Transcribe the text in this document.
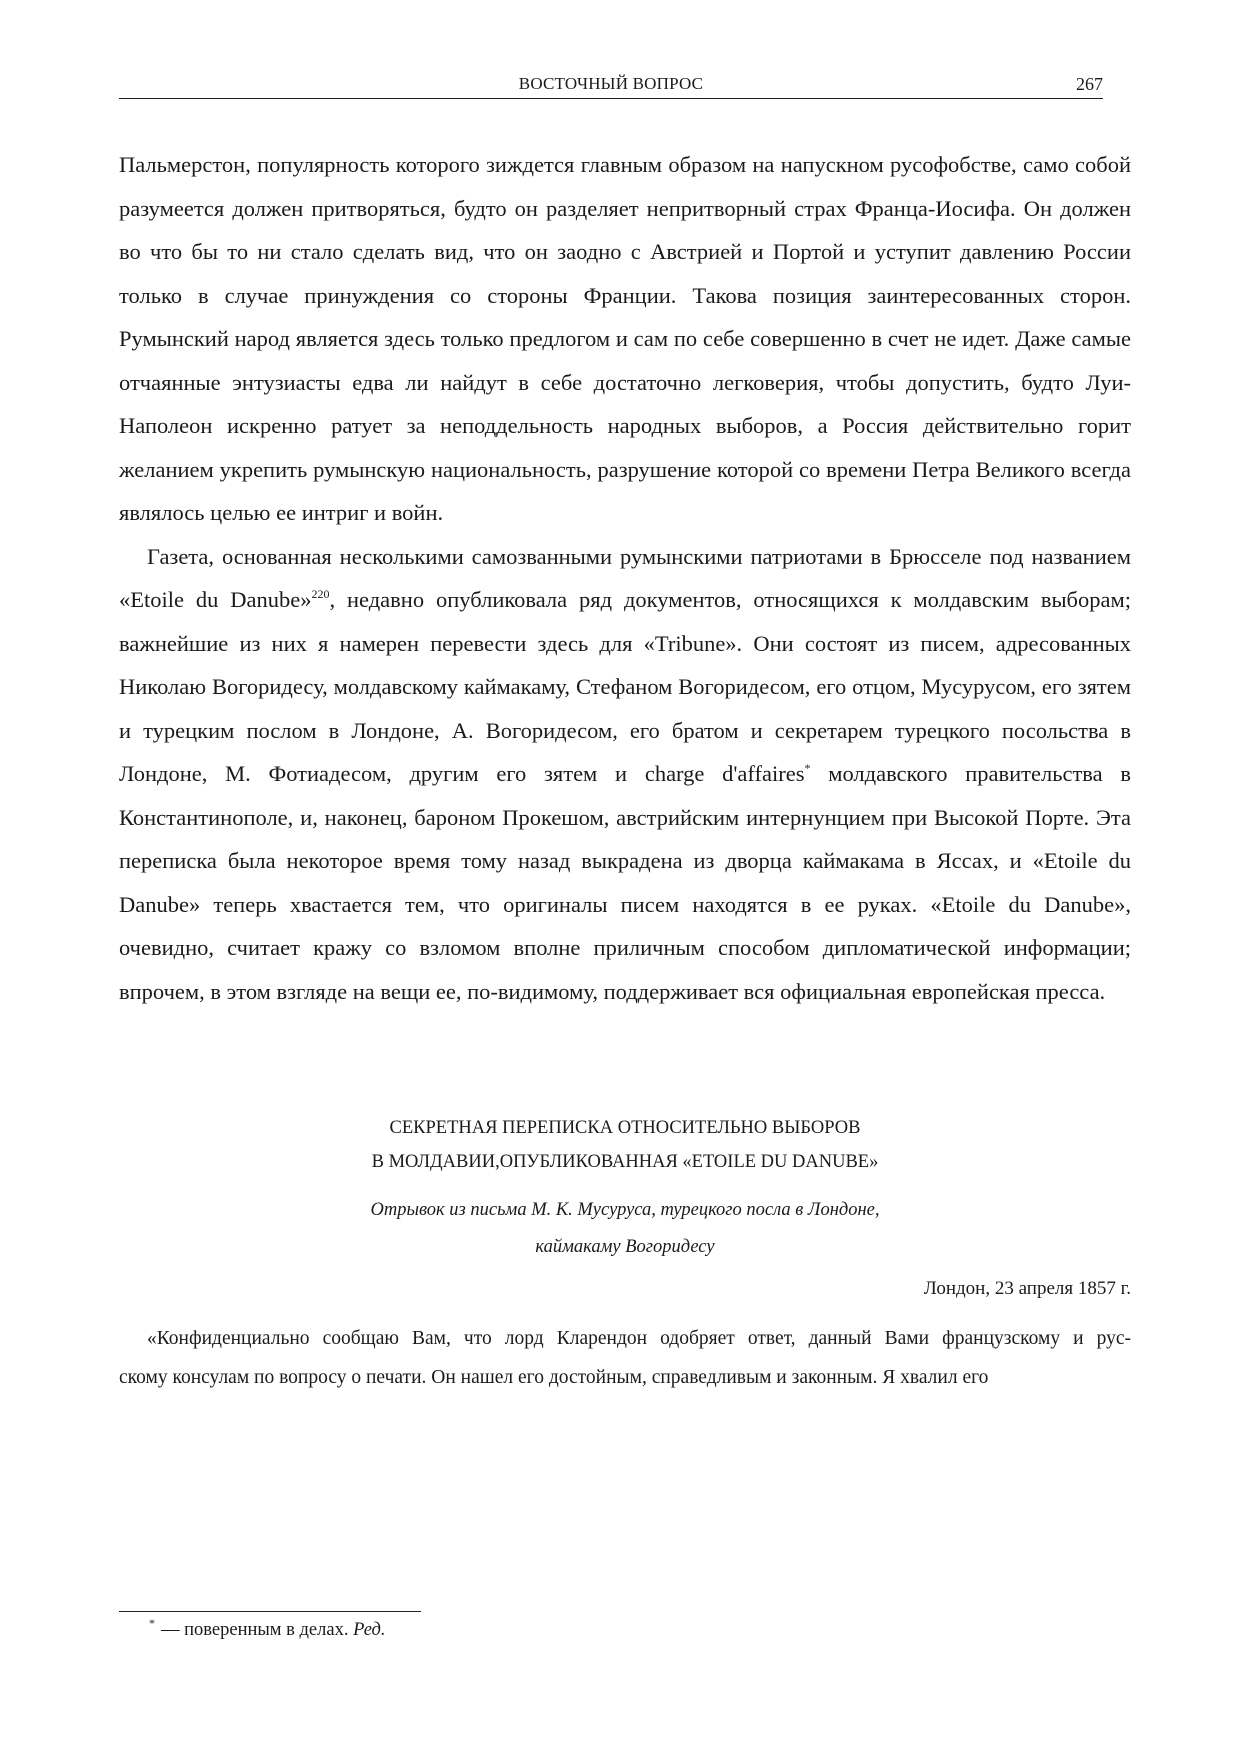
ВОСТОЧНЫЙ ВОПРОС	267

Пальмерстон, популярность которого зиждется главным образом на напускном русофобстве, само собой разумеется должен притворяться, будто он разделяет непритворный страх Франца-Иосифа. Он должен во что бы то ни стало сделать вид, что он заодно с Австрией и Портой и уступит давлению России только в случае принуждения со стороны Франции. Такова позиция заинтересованных сторон. Румынский народ является здесь только предлогом и сам по себе совершенно в счет не идет. Даже самые отчаянные энтузиасты едва ли найдут в себе достаточно легковерия, чтобы допустить, будто Луи-Наполеон искренно ратует за неподдельность народных выборов, а Россия действительно горит желанием укрепить румынскую национальность, разрушение которой со времени Петра Великого всегда являлось целью ее интриг и войн.

Газета, основанная несколькими самозванными румынскими патриотами в Брюсселе под названием «Etoile du Danube»$^{220}$, недавно опубликовала ряд документов, относящихся к молдавским выборам; важнейшие из них я намерен перевести здесь для «Tribune». Они состоят из писем, адресованных Николаю Вогоридесу, молдавскому каймакаму, Стефаном Вогоридесом, его отцом, Мусурусом, его зятем и турецким послом в Лондоне, А. Вогоридесом, его братом и секретарем турецкого посольства в Лондоне, М. Фотиадесом, другим его зятем и charge d'affaires* молдавского правительства в Константинополе, и, наконец, бароном Прокешом, австрийским интернунцием при Высокой Порте. Эта переписка была некоторое время тому назад выкрадена из дворца каймакама в Яссах, и «Etoile du Danube» теперь хвастается тем, что оригиналы писем находятся в ее руках. «Etoile du Danube», очевидно, считает кражу со взломом вполне приличным способом дипломатической информации; впрочем, в этом взгляде на вещи ее, по-видимому, поддерживает вся официальная европейская пресса.

СЕКРЕТНАЯ ПЕРЕПИСКА ОТНОСИТЕЛЬНО ВЫБОРОВ
В МОЛДАВИИ,ОПУБЛИКОВАННАЯ «ETOILE DU DANUBE»
Отрывок из письма М. К. Мусуруса, турецкого посла в Лондоне,
каймакаму Вогоридесу
Лондон, 23 апреля 1857 г.
«Конфиденциально сообщаю Вам, что лорд Кларендон одобряет ответ, данный Вами французскому и рус-
скому консулам по вопросу о печати. Он нашел его достойным, справедливым и законным. Я хвалил его
* — поверенным в делах. Ред.
